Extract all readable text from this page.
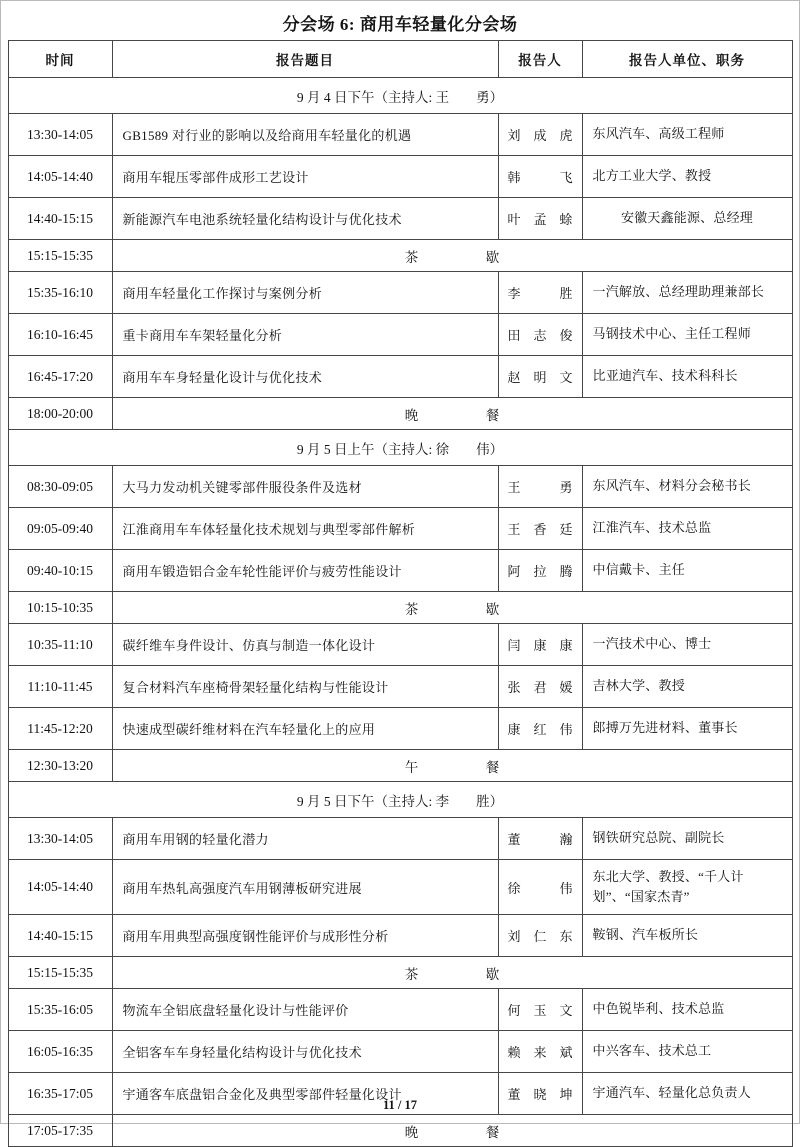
分会场 6: 商用车轻量化分会场
时间	报告题目	报告人	报告人单位、职务
9 月 4 日下午（主持人: 王　　勇）			
13:30-14:05	GB1589 对行业的影响以及给商用车轻量化的机遇	刘成虎	东风汽车、高级工程师
14:05-14:40	商用车辊压零部件成形工艺设计	韩飞	北方工业大学、教授
14:40-15:15	新能源汽车电池系统轻量化结构设计与优化技术	叶孟蜍	安徽天鑫能源、总经理
15:15-15:35	茶　　　　　歇		
15:35-16:10	商用车轻量化工作探讨与案例分析	李胜	一汽解放、总经理助理兼部长
16:10-16:45	重卡商用车车架轻量化分析	田志俊	马钢技术中心、主任工程师
16:45-17:20	商用车车身轻量化设计与优化技术	赵明文	比亚迪汽车、技术科科长
18:00-20:00	晚　　　　　餐		
9 月 5 日上午（主持人: 徐　　伟）			
08:30-09:05	大马力发动机关键零部件服役条件及选材	王勇	东风汽车、材料分会秘书长
09:05-09:40	江淮商用车车体轻量化技术规划与典型零部件解析	王香廷	江淮汽车、技术总监
09:40-10:15	商用车锻造铝合金车轮性能评价与疲劳性能设计	阿拉腾	中信戴卡、主任
10:15-10:35	茶　　　　　歇		
10:35-11:10	碳纤维车身件设计、仿真与制造一体化设计	闫康康	一汽技术中心、博士
11:10-11:45	复合材料汽车座椅骨架轻量化结构与性能设计	张君媛	吉林大学、教授
11:45-12:20	快速成型碳纤维材料在汽车轻量化上的应用	康红伟	郎搏万先进材料、董事长
12:30-13:20	午　　　　　餐		
9 月 5 日下午（主持人: 李　　胜）			
13:30-14:05	商用车用钢的轻量化潜力	董瀚	钢铁研究总院、副院长
14:05-14:40	商用车热轧高强度汽车用钢薄板研究进展	徐伟	东北大学、教授、“千人计划”、“国家杰青”
14:40-15:15	商用车用典型高强度钢性能评价与成形性分析	刘仁东	鞍钢、汽车板所长
15:15-15:35	茶　　　　　歇		
15:35-16:05	物流车全铝底盘轻量化设计与性能评价	何玉文	中色锐毕利、技术总监
16:05-16:35	全铝客车车身轻量化结构设计与优化技术	赖来斌	中兴客车、技术总工
16:35-17:05	宇通客车底盘铝合金化及典型零部件轻量化设计	董晓坤	宇通汽车、轻量化总负责人
17:05-17:35	晚　　　　　餐		
11 / 17
